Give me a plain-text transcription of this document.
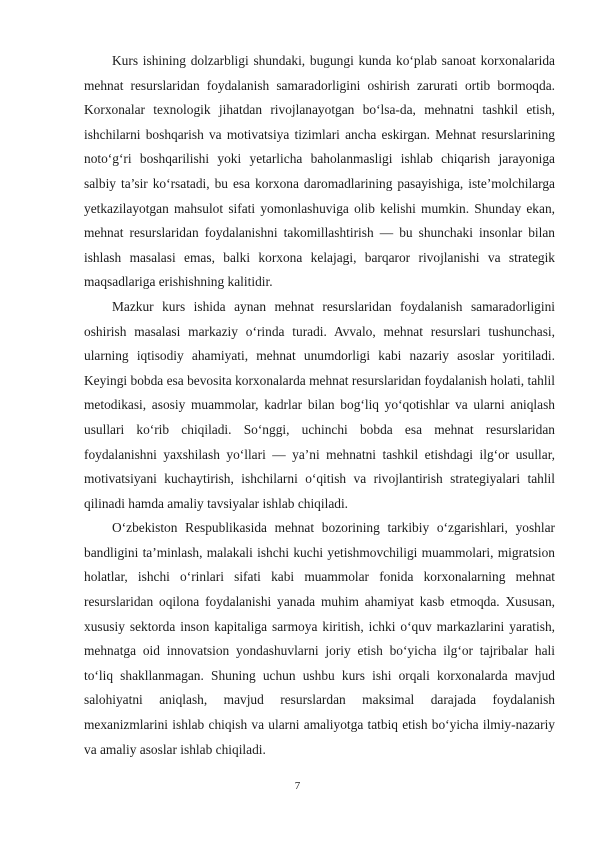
Kurs ishining dolzarbligi shundaki, bugungi kunda ko‘plab sanoat korxonalarida mehnat resurslaridan foydalanish samaradorligini oshirish zarurati ortib bormoqda. Korxonalar texnologik jihatdan rivojlanayotgan bo‘lsa-da, mehnatni tashkil etish, ishchilarni boshqarish va motivatsiya tizimlari ancha eskirgan. Mehnat resurslarining noto‘g‘ri boshqarilishi yoki yetarlicha baholanmasligi ishlab chiqarish jarayoniga salbiy ta’sir ko‘rsatadi, bu esa korxona daromadlarining pasayishiga, iste’molchilarga yetkazilayotgan mahsulot sifati yomonlashuviga olib kelishi mumkin. Shunday ekan, mehnat resurslaridan foydalanishni takomillashtirish — bu shunchaki insonlar bilan ishlash masalasi emas, balki korxona kelajagi, barqaror rivojlanishi va strategik maqsadlariga erishishning kalitidir.

Mazkur kurs ishida aynan mehnat resurslaridan foydalanish samaradorligini oshirish masalasi markaziy o‘rinda turadi. Avvalo, mehnat resurslari tushunchasi, ularning iqtisodiy ahamiyati, mehnat unumdorligi kabi nazariy asoslar yoritiladi. Keyingi bobda esa bevosita korxonalarda mehnat resurslaridan foydalanish holati, tahlil metodikasi, asosiy muammolar, kadrlar bilan bog‘liq yo‘qotishlar va ularni aniqlash usullari ko‘rib chiqiladi. So‘nggi, uchinchi bobda esa mehnat resurslaridan foydalanishni yaxshilash yo‘llari — ya’ni mehnatni tashkil etishdagi ilg‘or usullar, motivatsiyani kuchaytirish, ishchilarni o‘qitish va rivojlantirish strategiyalari tahlil qilinadi hamda amaliy tavsiyalar ishlab chiqiladi.

O‘zbekiston Respublikasida mehnat bozorining tarkibiy o‘zgarishlari, yoshlar bandligini ta’minlash, malakali ishchi kuchi yetishmovchiligi muammolari, migratsion holatlar, ishchi o‘rinlari sifati kabi muammolar fonida korxonalarning mehnat resurslaridan oqilona foydalanishi yanada muhim ahamiyat kasb etmoqda. Xususan, xususiy sektorda inson kapitaliga sarmoya kiritish, ichki o‘quv markazlarini yaratish, mehnatga oid innovatsion yondashuvlarni joriy etish bo‘yicha ilg‘or tajribalar hali to‘liq shakllanmagan. Shuning uchun ushbu kurs ishi orqali korxonalarda mavjud salohiyatni aniqlash, mavjud resurslardan maksimal darajada foydalanish mexanizmlarini ishlab chiqish va ularni amaliyotga tatbiq etish bo‘yicha ilmiy-nazariy va amaliy asoslar ishlab chiqiladi.

7
